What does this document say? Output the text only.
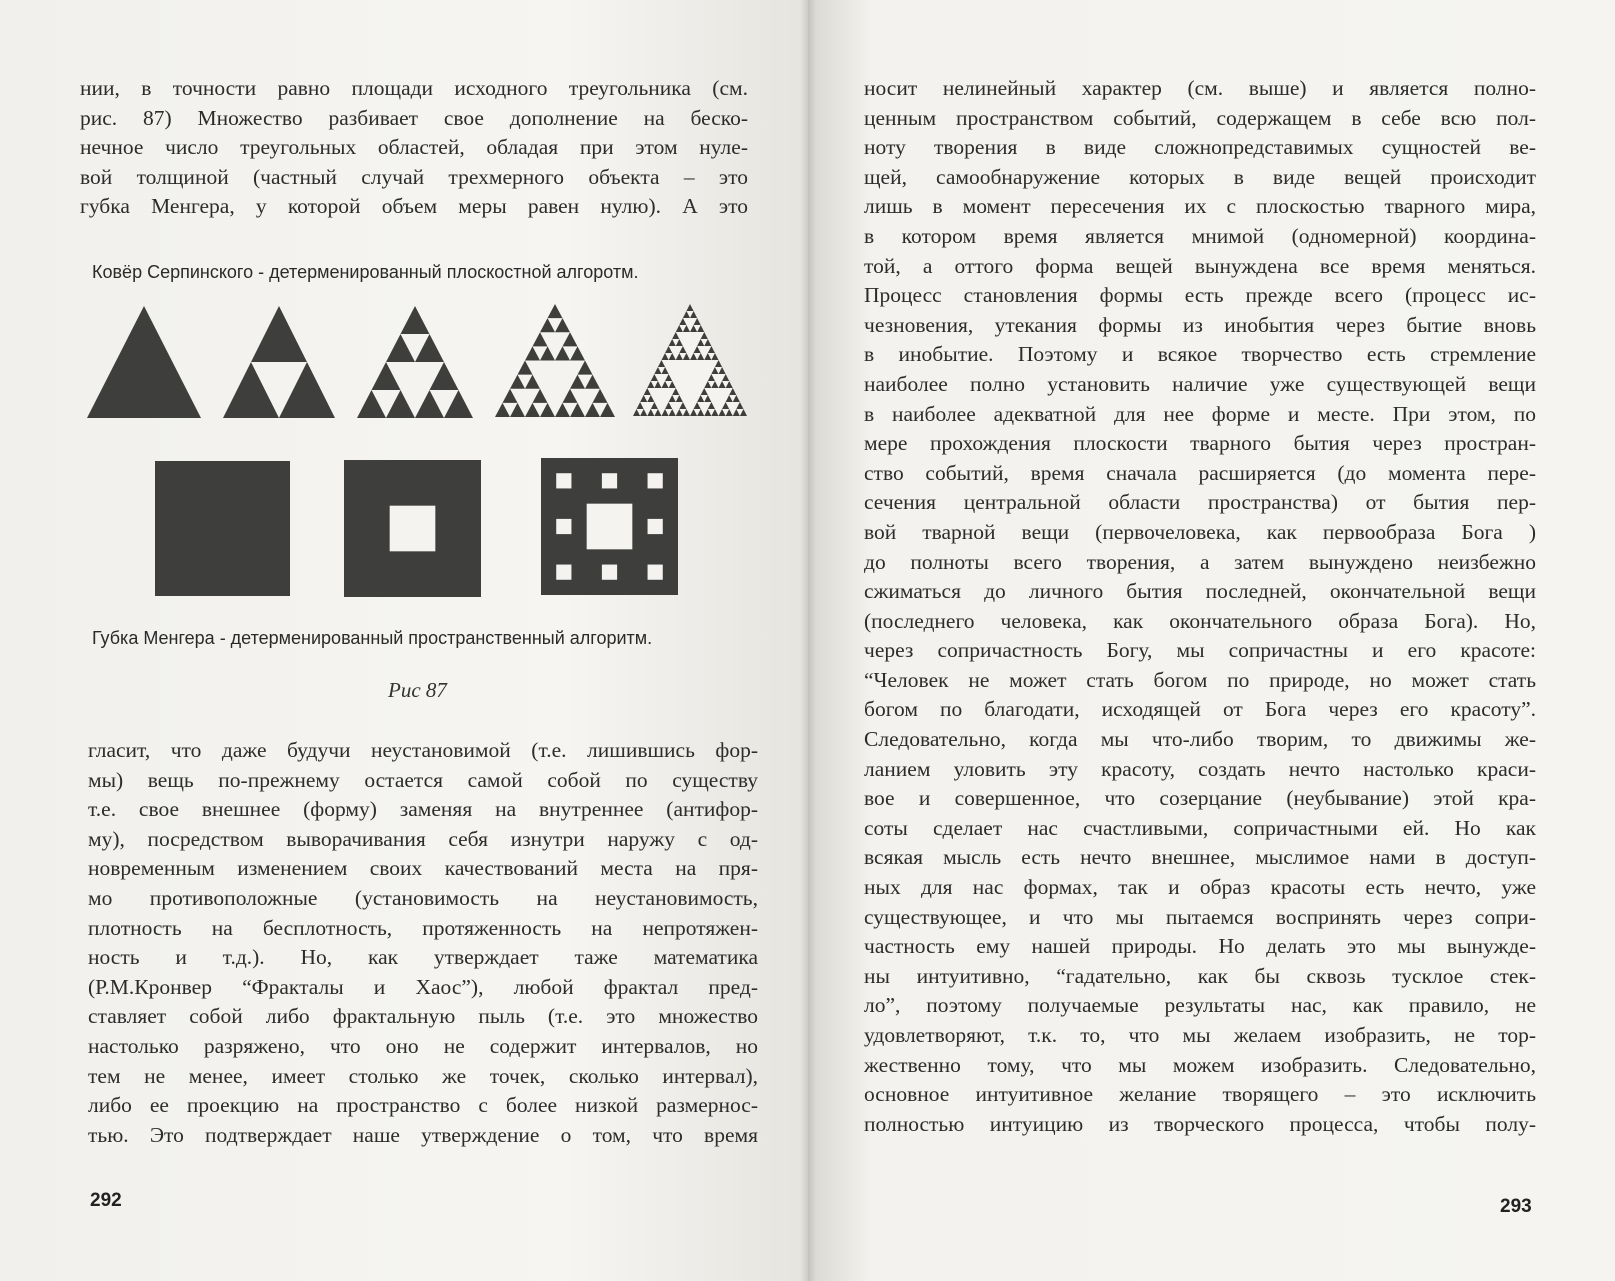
нии, в точности равно площади исходного треугольника (см.
рис. 87) Множество разбивает свое дополнение на беско-
нечное число треугольных областей, обладая при этом нуле-
вой толщиной (частный случай трехмерного объекта – это
губка Менгера, у которой объем меры равен нулю). А это
Ковёр Серпинского - детерменированный плоскостной алгоротм.
Губка Менгера - детерменированный пространственный алгоритм.
Рис 87
гласит, что даже будучи неустановимой (т.е. лишившись фор-
мы) вещь по-прежнему остается самой собой по существу
т.е. свое внешнее (форму) заменяя на внутреннее (антифор-
му), посредством выворачивания себя изнутри наружу с од-
новременным изменением своих качествований места на пря-
мо противоположные (установимость на неустановимость,
плотность на бесплотность, протяженность на непротяжен-
ность и т.д.). Но, как утверждает таже математика
(Р.М.Кронвер “Фракталы и Хаос”), любой фрактал пред-
ставляет собой либо фрактальную пыль (т.е. это множество
настолько разряжено, что оно не содержит интервалов, но
тем не менее, имеет столько же точек, сколько интервал),
либо ее проекцию на пространство с более низкой размернос-
тью. Это подтверждает наше утверждение о том, что время
292
носит нелинейный характер (см. выше) и является полно-
ценным пространством событий, содержащем в себе всю пол-
ноту творения в виде сложнопредставимых сущностей ве-
щей, самообнаружение которых в виде вещей происходит
лишь в момент пересечения их с плоскостью тварного мира,
в котором время является мнимой (одномерной) координа-
той, а оттого форма вещей вынуждена все время меняться.
Процесс становления формы есть прежде всего (процесс ис-
чезновения, утекания формы из инобытия через бытие вновь
в инобытие. Поэтому и всякое творчество есть стремление
наиболее полно установить наличие уже существующей вещи
в наиболее адекватной для нее форме и месте. При этом, по
мере прохождения плоскости тварного бытия через простран-
ство событий, время сначала расширяется (до момента пере-
сечения центральной области пространства) от бытия пер-
вой тварной вещи (первочеловека, как первообраза Бога )
до полноты всего творения, а затем вынуждено неизбежно
сжиматься до личного бытия последней, окончательной вещи
(последнего человека, как окончательного образа Бога). Но,
через сопричастность Богу, мы сопричастны и его красоте:
“Человек не может стать богом по природе, но может стать
богом по благодати, исходящей от Бога через его красоту”.
Следовательно, когда мы что-либо творим, то движимы же-
ланием уловить эту красоту, создать нечто настолько краси-
вое и совершенное, что созерцание (неубывание) этой кра-
соты сделает нас счастливыми, сопричастными ей. Но как
всякая мысль есть нечто внешнее, мыслимое нами в доступ-
ных для нас формах, так и образ красоты есть нечто, уже
существующее, и что мы пытаемся воспринять через сопри-
частность ему нашей природы. Но делать это мы вынужде-
ны интуитивно, “гадательно, как бы сквозь тусклое стек-
ло”, поэтому получаемые результаты нас, как правило, не
удовлетворяют, т.к. то, что мы желаем изобразить, не тор-
жественно тому, что мы можем изобразить. Следовательно,
основное интуитивное желание творящего – это исключить
полностью интуицию из творческого процесса, чтобы полу-
293
